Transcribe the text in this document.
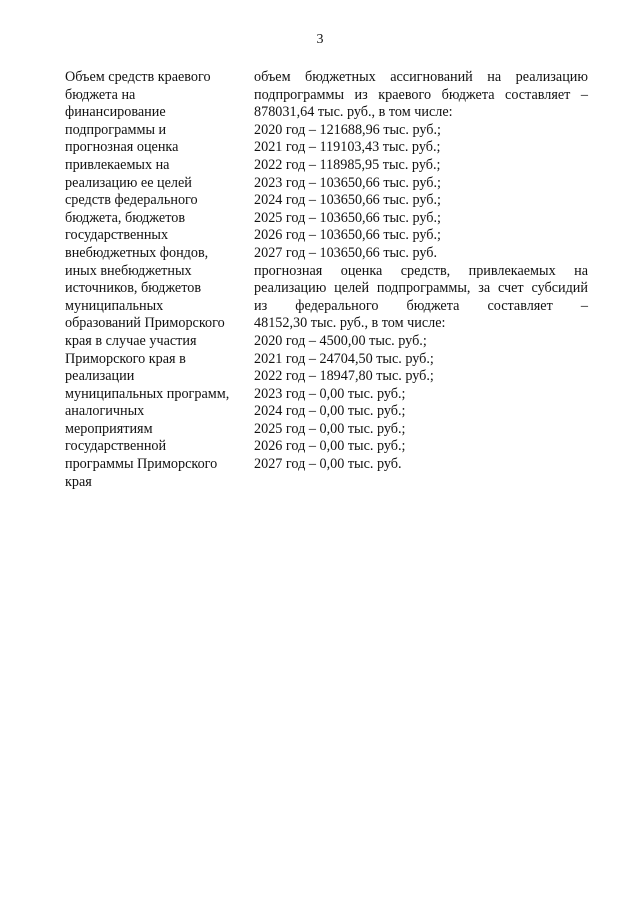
3
Объем средств краевого
бюджета на
финансирование
подпрограммы и
прогнозная оценка
привлекаемых на
реализацию ее целей
средств федерального
бюджета, бюджетов
государственных
внебюджетных фондов,
иных внебюджетных
источников, бюджетов
муниципальных
образований Приморского
края в случае участия
Приморского края в
реализации
муниципальных программ,
аналогичных
мероприятиям
государственной
программы Приморского
края
объем бюджетных ассигнований на реализацию
подпрограммы из краевого бюджета составляет –
878031,64 тыс. руб., в том числе:
2020 год – 121688,96 тыс. руб.;
2021 год – 119103,43 тыс. руб.;
2022 год – 118985,95 тыс. руб.;
2023 год – 103650,66 тыс. руб.;
2024 год – 103650,66 тыс. руб.;
2025 год – 103650,66 тыс. руб.;
2026 год – 103650,66 тыс. руб.;
2027 год – 103650,66 тыс. руб.
прогнозная оценка средств, привлекаемых на
реализацию целей подпрограммы, за счет субсидий
из федерального бюджета составляет –
48152,30 тыс. руб., в том числе:
2020 год – 4500,00 тыс. руб.;
2021 год – 24704,50 тыс. руб.;
2022 год – 18947,80 тыс. руб.;
2023 год – 0,00 тыс. руб.;
2024 год – 0,00 тыс. руб.;
2025 год – 0,00 тыс. руб.;
2026 год – 0,00 тыс. руб.;
2027 год – 0,00 тыс. руб.
